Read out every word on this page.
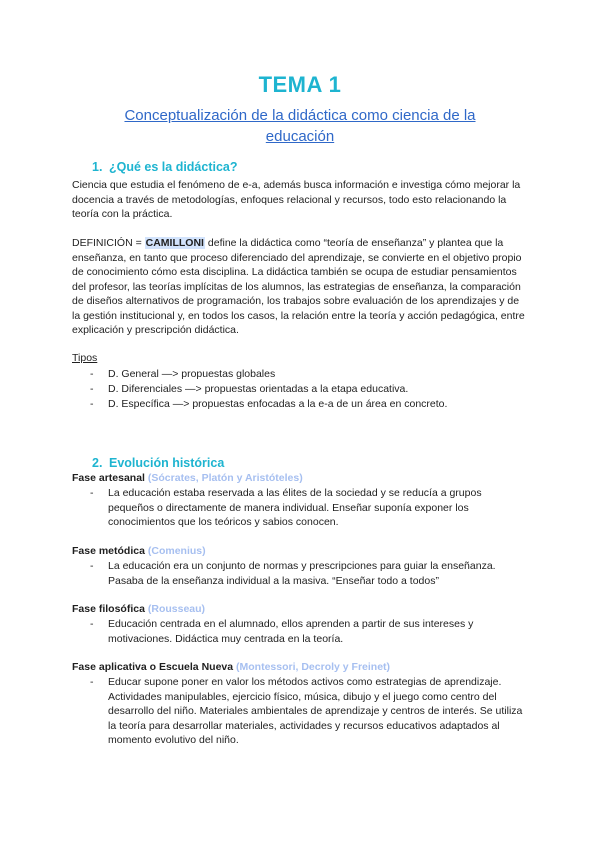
TEMA 1
Conceptualización de la didáctica como ciencia de la educación
1. ¿Qué es la didáctica?
Ciencia que estudia el fenómeno de e-a, además busca información e investiga cómo mejorar la docencia a través de metodologías, enfoques relacional y recursos, todo esto relacionando la teoría con la práctica.
DEFINICIÓN = CAMILLONI define la didáctica como “teoría de enseñanza” y plantea que la enseñanza, en tanto que proceso diferenciado del aprendizaje, se convierte en el objetivo propio de conocimiento cómo esta disciplina. La didáctica también se ocupa de estudiar pensamientos del profesor, las teorías implícitas de los alumnos, las estrategias de enseñanza, la comparación de diseños alternativos de programación, los trabajos sobre evaluación de los aprendizajes y de la gestión institucional y, en todos los casos, la relación entre la teoría y acción pedagógica, entre explicación y prescripción didáctica.
Tipos
- D. General —> propuestas globales
- D. Diferenciales —> propuestas orientadas a la etapa educativa.
- D. Específica —> propuestas enfocadas a la e-a de un área en concreto.
2. Evolución histórica
Fase artesanal (Sócrates, Platón y Aristóteles)
- La educación estaba reservada a las élites de la sociedad y se reducía a grupos pequeños o directamente de manera individual. Enseñar suponía exponer los conocimientos que los teóricos y sabios conocen.
Fase metódica (Comenius)
- La educación era un conjunto de normas y prescripciones para guiar la enseñanza. Pasaba de la enseñanza individual a la masiva. “Enseñar todo a todos”
Fase filosófica (Rousseau)
- Educación centrada en el alumnado, ellos aprenden a partir de sus intereses y motivaciones. Didáctica muy centrada en la teoría.
Fase aplicativa o Escuela Nueva (Montessori, Decroly y Freinet)
- Educar supone poner en valor los métodos activos como estrategias de aprendizaje. Actividades manipulables, ejercicio físico, música, dibujo y el juego como centro del desarrollo del niño. Materiales ambientales de aprendizaje y centros de interés. Se utiliza la teoría para desarrollar materiales, actividades y recursos educativos adaptados al momento evolutivo del niño.
